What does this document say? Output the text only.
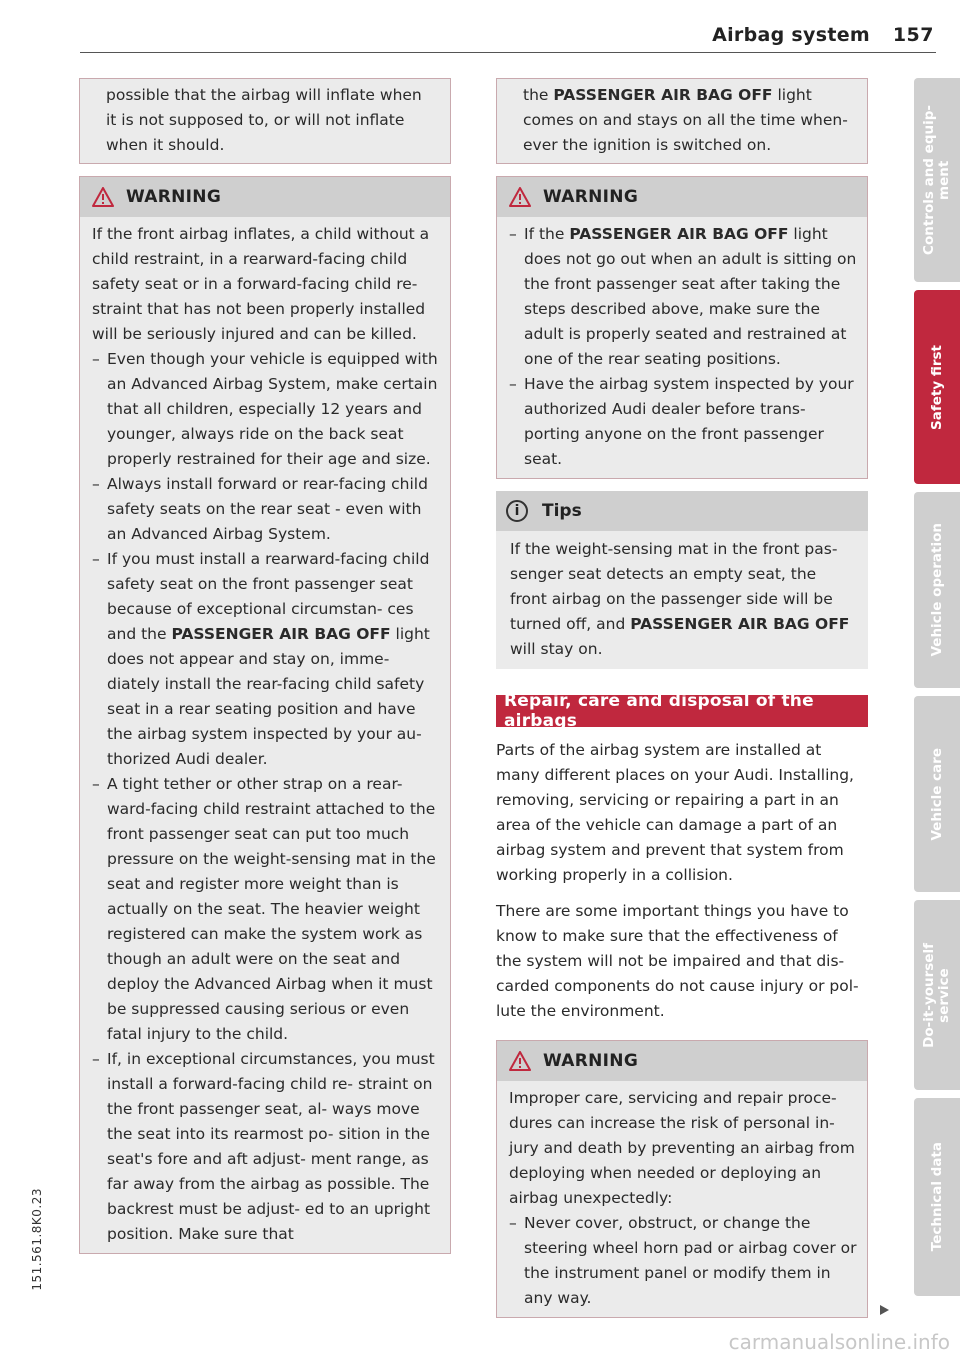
Airbag system 157
possible that the airbag will inflate when it is not supposed to, or will not inflate when it should.
WARNING

If the front airbag inflates, a child without a child restraint, in a rearward-facing child safety seat or in a forward-facing child re- straint that has not been properly installed will be seriously injured and can be killed.

– Even though your vehicle is equipped with an Advanced Airbag System, make certain that all children, especially 12 years and younger, always ride on the back seat properly restrained for their age and size.
– Always install forward or rear-facing child safety seats on the rear seat - even with an Advanced Airbag System.
– If you must install a rearward-facing child safety seat on the front passenger seat because of exceptional circumstan- ces and the PASSENGER AIR BAG OFF light does not appear and stay on, imme- diately install the rear-facing child safety seat in a rear seating position and have the airbag system inspected by your au- thorized Audi dealer.
– A tight tether or other strap on a rear- ward-facing child restraint attached to the front passenger seat can put too much pressure on the weight-sensing mat in the seat and register more weight than is actually on the seat. The heavier weight registered can make the system work as though an adult were on the seat and deploy the Advanced Airbag when it must be suppressed causing serious or even fatal injury to the child.
– If, in exceptional circumstances, you must install a forward-facing child re- straint on the front passenger seat, al- ways move the seat into its rearmost po- sition in the seat's fore and aft adjust- ment range, as far away from the airbag as possible. The backrest must be adjust- ed to an upright position. Make sure that
the PASSENGER AIR BAG OFF light comes on and stays on all the time when- ever the ignition is switched on.
WARNING
– If the PASSENGER AIR BAG OFF light does not go out when an adult is sitting on the front passenger seat after taking the steps described above, make sure the adult is properly seated and restrained at one of the rear seating positions.
– Have the airbag system inspected by your authorized Audi dealer before trans- porting anyone on the front passenger seat.
i	Tips
If the weight-sensing mat in the front pas- senger seat detects an empty seat, the front airbag on the passenger side will be turned off, and PASSENGER AIR BAG OFF will stay on.
Repair, care and disposal of the airbags

Parts of the airbag system are installed at many different places on your Audi. Installing, removing, servicing or repairing a part in an area of the vehicle can damage a part of an airbag system and prevent that system from working properly in a collision.

There are some important things you have to know to make sure that the effectiveness of the system will not be impaired and that dis- carded components do not cause injury or pol- lute the environment.

WARNING

Improper care, servicing and repair proce- dures can increase the risk of personal in- jury and death by preventing an airbag from deploying when needed or deploying an airbag unexpectedly:

– Never cover, obstruct, or change the steering wheel horn pad or airbag cover or the instrument panel or modify them in any way.
Controls and equip-
ment
Safety first
Vehicle operation
Vehicle care
Do-it-yourself
service
Technical data
151.561.8K0.23
carmanualsonline.info
